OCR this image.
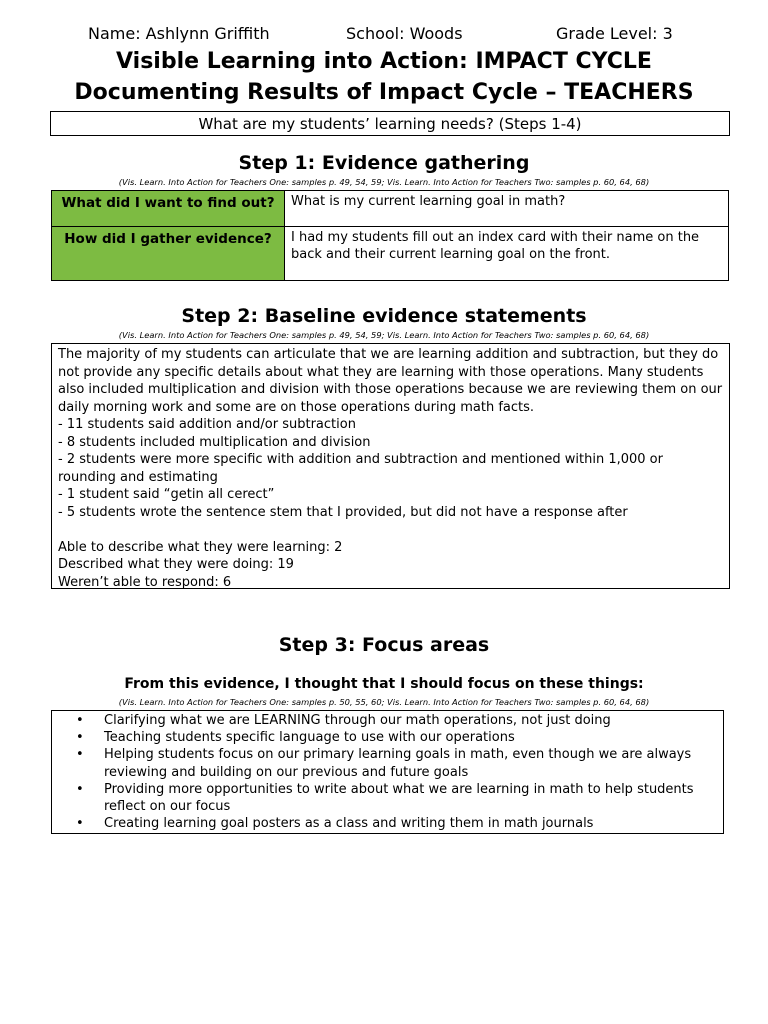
Name: Ashlynn Griffith	School: Woods	Grade Level: 3
Visible Learning into Action: IMPACT CYCLE
Documenting Results of Impact Cycle – TEACHERS
What are my students’ learning needs? (Steps 1-4)
Step 1: Evidence gathering
(Vis. Learn. Into Action for Teachers One: samples p. 49, 54, 59; Vis. Learn. Into Action for Teachers Two: samples p. 60, 64, 68)
What did I want to find out?	What is my current learning goal in math?
How did I gather evidence?	I had my students fill out an index card with their name on the back and their current learning goal on the front.
Step 2: Baseline evidence statements
(Vis. Learn. Into Action for Teachers One: samples p. 49, 54, 59; Vis. Learn. Into Action for Teachers Two: samples p. 60, 64, 68)

The majority of my students can articulate that we are learning addition and subtraction, but they do not provide any specific details about what they are learning with those operations. Many students also included multiplication and division with those operations because we are reviewing them on our daily morning work and some are on those operations during math facts.

- 11 students said addition and/or subtraction

- 8 students included multiplication and division

- 2 students were more specific with addition and subtraction and mentioned within 1,000 or rounding and estimating

- 1 student said “getin all cerect”

- 5 students wrote the sentence stem that I provided, but did not have a response after

Able to describe what they were learning: 2

Described what they were doing: 19

Weren’t able to respond: 6

Step 3: Focus areas
From this evidence, I thought that I should focus on these things:
(Vis. Learn. Into Action for Teachers One: samples p. 50, 55, 60; Vis. Learn. Into Action for Teachers Two: samples p. 60, 64, 68)
• Clarifying what we are LEARNING through our math operations, not just doing
• Teaching students specific language to use with our operations
• Helping students focus on our primary learning goals in math, even though we are always reviewing and building on our previous and future goals
• Providing more opportunities to write about what we are learning in math to help students reflect on our focus
• Creating learning goal posters as a class and writing them in math journals
